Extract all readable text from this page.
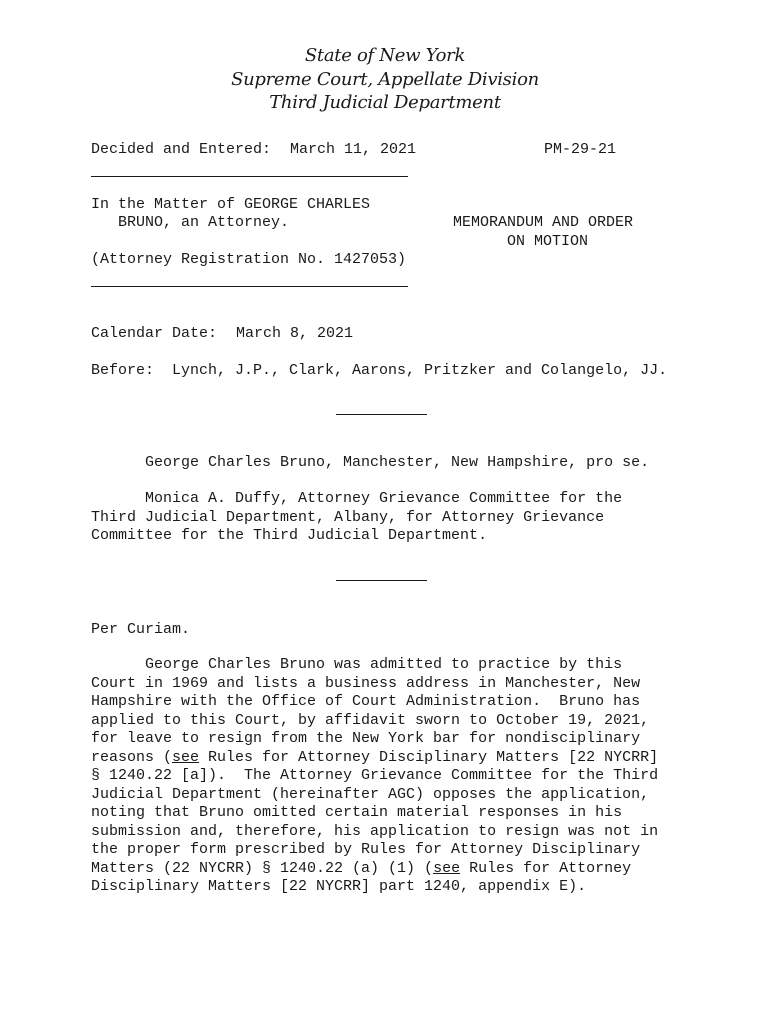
State of New York
Supreme Court, Appellate Division
Third Judicial Department
Decided and Entered: March 11, 2021	PM-29-21
In the Matter of GEORGE CHARLES
BRUNO, an Attorney.
(Attorney Registration No. 1427053)
MEMORANDUM AND ORDER
ON MOTION
Calendar Date: March 8, 2021
Before: Lynch, J.P., Clark, Aarons, Pritzker and Colangelo, JJ.
George Charles Bruno, Manchester, New Hampshire, pro se.
Monica A. Duffy, Attorney Grievance Committee for the
Third Judicial Department, Albany, for Attorney Grievance
Committee for the Third Judicial Department.
Per Curiam.
George Charles Bruno was admitted to practice by this
Court in 1969 and lists a business address in Manchester, New
Hampshire with the Office of Court Administration.  Bruno has
applied to this Court, by affidavit sworn to October 19, 2021,
for leave to resign from the New York bar for nondisciplinary
reasons (see Rules for Attorney Disciplinary Matters [22 NYCRR]
§ 1240.22 [a]).  The Attorney Grievance Committee for the Third
Judicial Department (hereinafter AGC) opposes the application,
noting that Bruno omitted certain material responses in his
submission and, therefore, his application to resign was not in
the proper form prescribed by Rules for Attorney Disciplinary
Matters (22 NYCRR) § 1240.22 (a) (1) (see Rules for Attorney
Disciplinary Matters [22 NYCRR] part 1240, appendix E).
